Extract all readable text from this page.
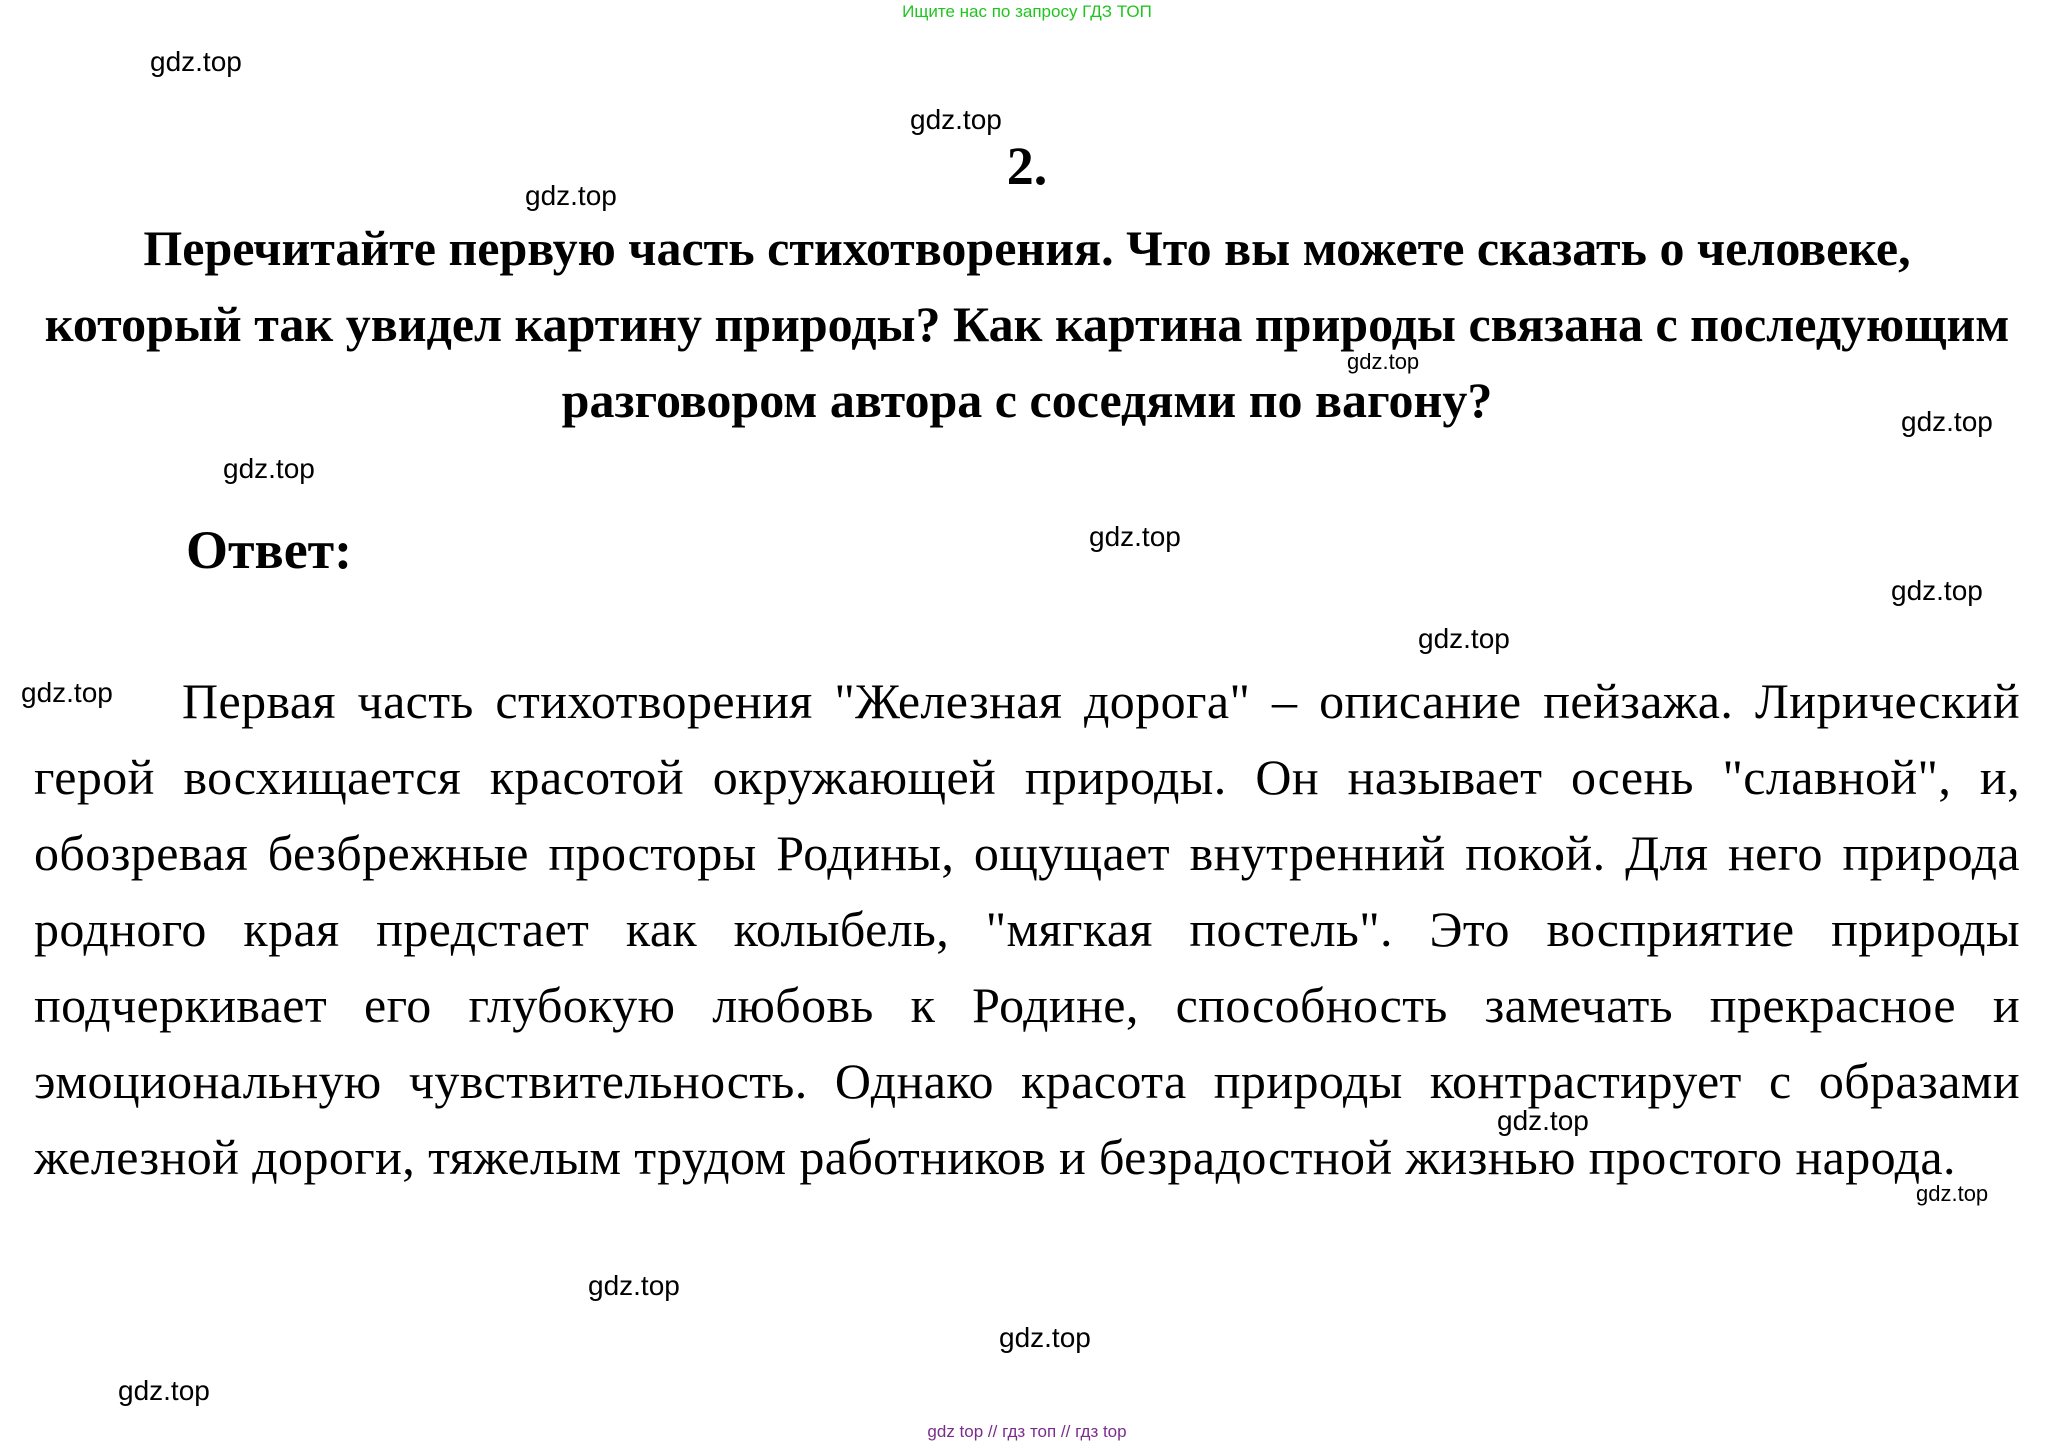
Ищите нас по запросу ГДЗ ТОП
2.
Перечитайте первую часть стихотворения. Что вы можете сказать о человеке, который так увидел картину природы? Как картина природы связана с последующим разговором автора с соседями по вагону?
Ответ:
Первая часть стихотворения "Железная дорога" – описание пейзажа. Лирический герой восхищается красотой окружающей природы. Он называет осень "славной", и, обозревая безбрежные просторы Родины, ощущает внутренний покой. Для него природа родного края предстает как колыбель, "мягкая постель". Это восприятие природы подчеркивает его глубокую любовь к Родине, способность замечать прекрасное и эмоциональную чувствительность. Однако красота природы контрастирует с образами железной дороги, тяжелым трудом работников и безрадостной жизнью простого народа.
gdz.top
gdz.top
gdz.top
gdz.top
gdz.top
gdz.top
gdz.top
gdz.top
gdz.top
gdz.top
gdz.top
gdz.top
gdz.top
gdz.top
gdz.top
gdz top // гдз топ // гдз top
